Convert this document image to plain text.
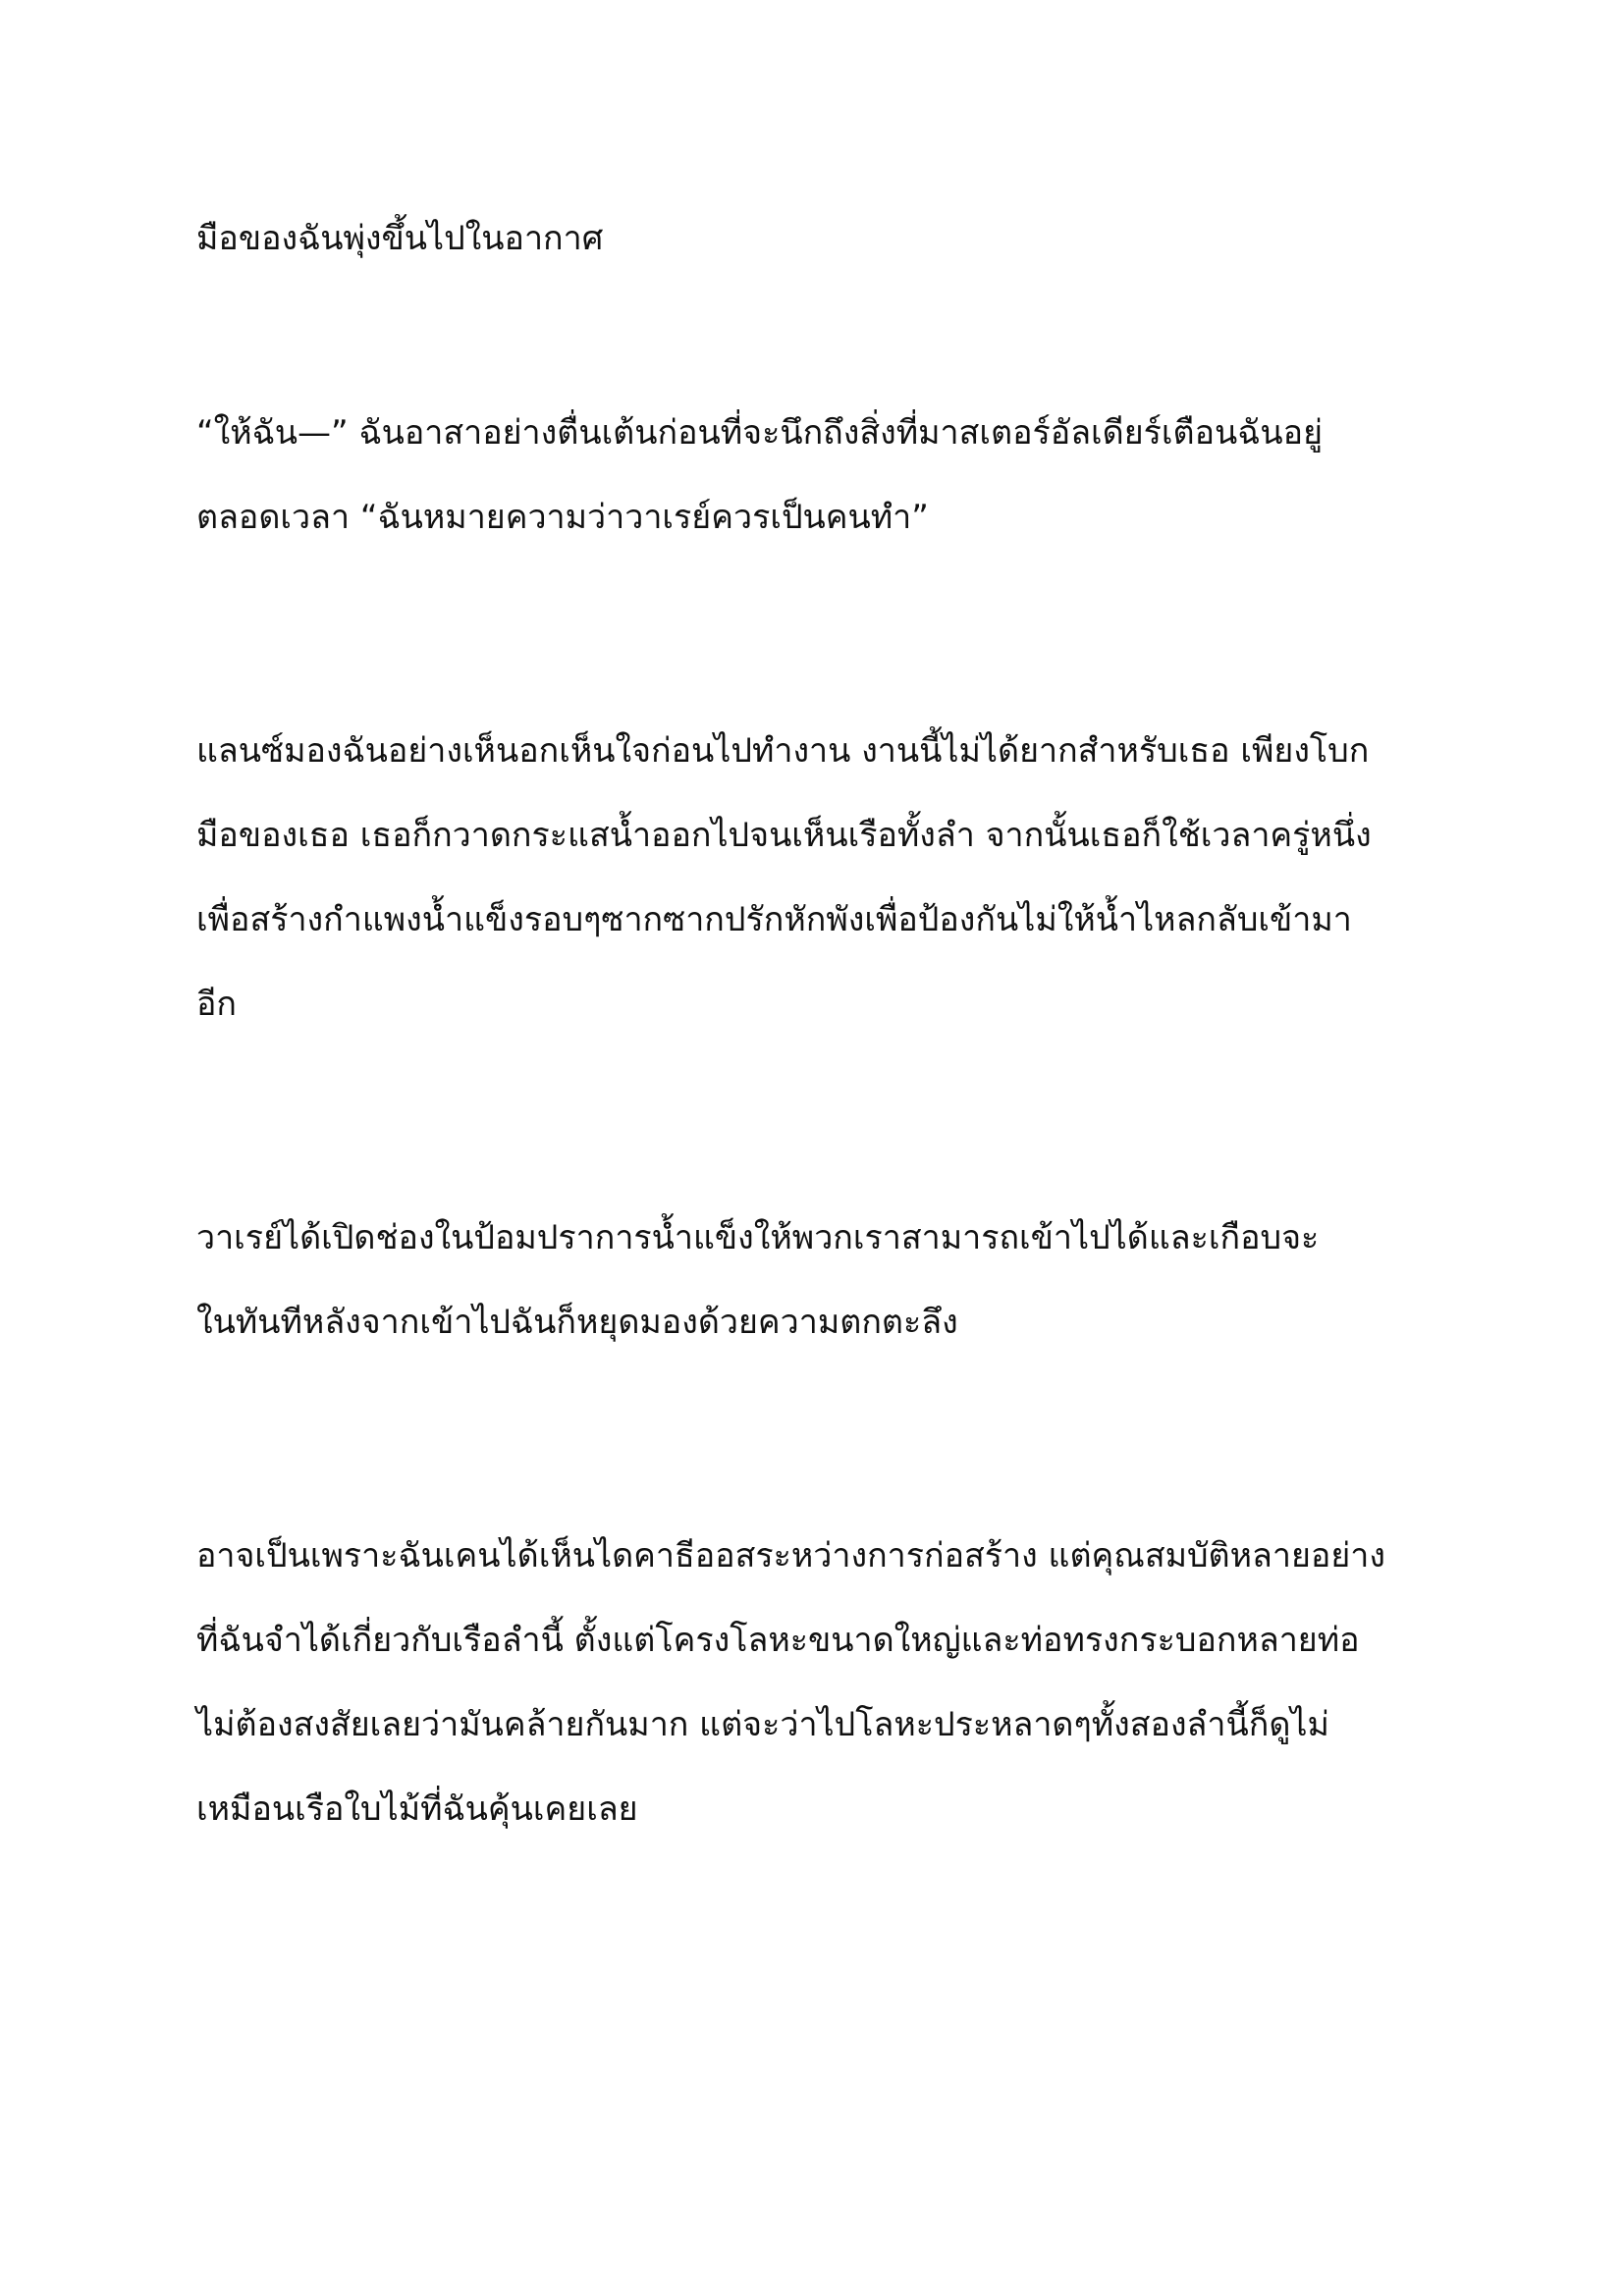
มือของฉันพุ่งขึ้นไปในอากาศ

“ให้ฉัน—” ฉันอาสาอย่างตื่นเต้นก่อนที่จะนึกถึงสิ่งที่มาสเตอร์อัลเดียร์เตือนฉันอยู่
ตลอดเวลา “ฉันหมายความว่าวาเรย์ควรเป็นคนทำ”

แลนซ์มองฉันอย่างเห็นอกเห็นใจก่อนไปทำงาน งานนี้ไม่ได้ยากสำหรับเธอ เพียงโบก
มือของเธอ เธอก็กวาดกระแสน้ำออกไปจนเห็นเรือทั้งลำ จากนั้นเธอก็ใช้เวลาครู่หนึ่ง
เพื่อสร้างกำแพงน้ำแข็งรอบๆซากซากปรักหักพังเพื่อป้องกันไม่ให้น้ำไหลกลับเข้ามา
อีก

วาเรย์ได้เปิดช่องในป้อมปราการน้ำแข็งให้พวกเราสามารถเข้าไปได้และเกือบจะ
ในทันทีหลังจากเข้าไปฉันก็หยุดมองด้วยความตกตะลึง

อาจเป็นเพราะฉันเคนได้เห็นไดคาธีออสระหว่างการก่อสร้าง แต่คุณสมบัติหลายอย่าง
ที่ฉันจำได้เกี่ยวกับเรือลำนี้ ตั้งแต่โครงโลหะขนาดใหญ่และท่อทรงกระบอกหลายท่อ
ไม่ต้องสงสัยเลยว่ามันคล้ายกันมาก แต่จะว่าไปโลหะประหลาดๆทั้งสองลำนี้ก็ดูไม่
เหมือนเรือใบไม้ที่ฉันคุ้นเคยเลย
